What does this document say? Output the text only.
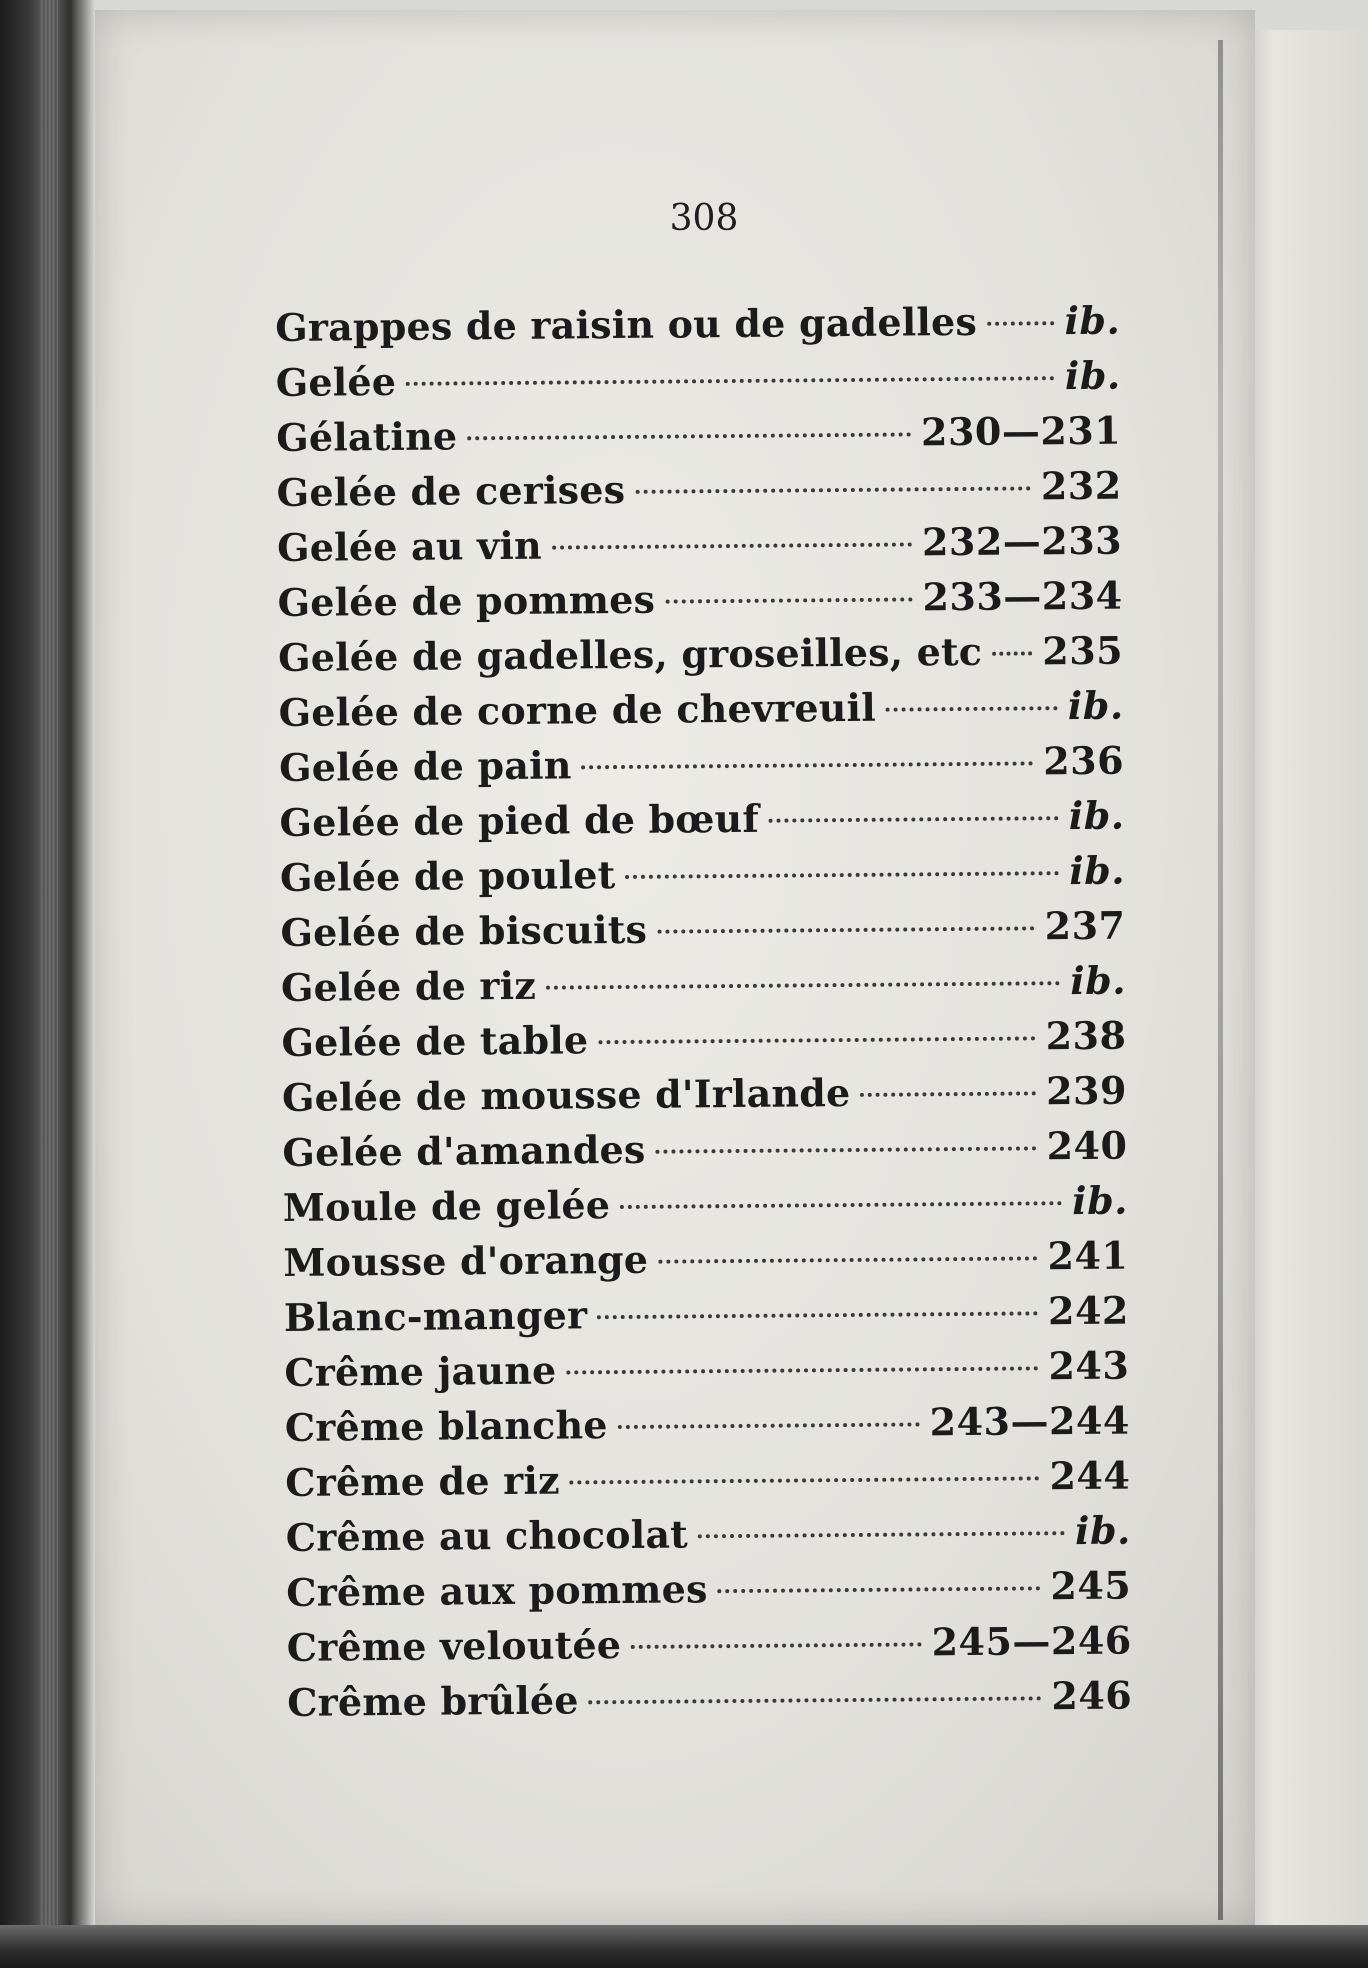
308
Grappes de raisin ou de gadelles ib.
Gelée	ib.
Gélatine	230—231
Gelée de cerises	232
Gelée au vin	232—233
Gelée de pommes	233—234
Gelée de gadelles, groseilles, etc 235
Gelée de corne de chevreuil	ib.
Gelée de pain	236
Gelée de pied de bœuf	ib.
Gelée de poulet	ib.
Gelée de biscuits	237
Gelée de riz	ib.
Gelée de table	238
Gelée de mousse d'Irlande	239
Gelée d'amandes	240
Moule de gelée	ib.
Mousse d'orange	241
Blanc-manger	242
Crême jaune	243
Crême blanche	243—244
Crême de riz	244
Crême au chocolat	ib.
Crême aux pommes	245
Crême veloutée	245—246
Crême brûlée	246
